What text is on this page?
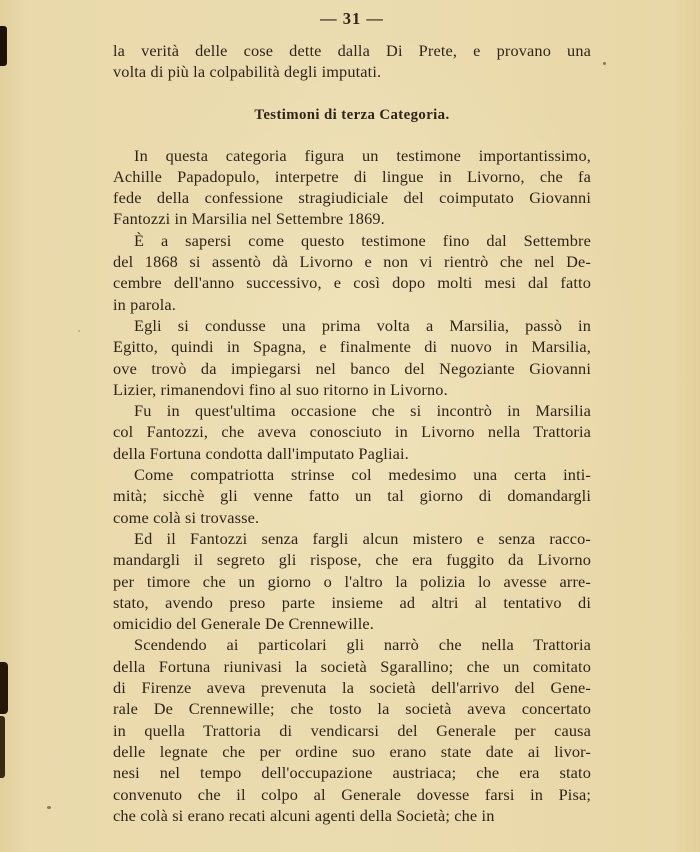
— 31 —
la verità delle cose dette dalla Di Prete, e provano una
volta di più la colpabilità degli imputati.
Testimoni di terza Categoria.
In questa categoria figura un testimone importantissimo,
Achille Papadopulo, interpetre di lingue in Livorno, che fa
fede della confessione stragiudiciale del coimputato Giovanni
Fantozzi in Marsilia nel Settembre 1869.
È a sapersi come questo testimone fino dal Settembre
del 1868 si assentò dà Livorno e non vi rientrò che nel De-
cembre dell'anno successivo, e così dopo molti mesi dal fatto
in parola.
Egli si condusse una prima volta a Marsilia, passò in
Egitto, quindi in Spagna, e finalmente di nuovo in Marsilia,
ove trovò da impiegarsi nel banco del Negoziante Giovanni
Lizier, rimanendovi fino al suo ritorno in Livorno.
Fu in quest'ultima occasione che si incontrò in Marsilia
col Fantozzi, che aveva conosciuto in Livorno nella Trattoria
della Fortuna condotta dall'imputato Pagliai.
Come compatriotta strinse col medesimo una certa inti-
mità; sicchè gli venne fatto un tal giorno di domandargli
come colà si trovasse.
Ed il Fantozzi senza fargli alcun mistero e senza racco-
mandargli il segreto gli rispose, che era fuggito da Livorno
per timore che un giorno o l'altro la polizia lo avesse arre-
stato, avendo preso parte insieme ad altri al tentativo di
omicidio del Generale De Crennewille.
Scendendo ai particolari gli narrò che nella Trattoria
della Fortuna riunivasi la società Sgarallino; che un comitato
di Firenze aveva prevenuta la società dell'arrivo del Gene-
rale De Crennewille; che tosto la società aveva concertato
in quella Trattoria di vendicarsi del Generale per causa
delle legnate che per ordine suo erano state date ai livor-
nesi nel tempo dell'occupazione austriaca; che era stato
convenuto che il colpo al Generale dovesse farsi in Pisa;
che colà si erano recati alcuni agenti della Società; che in
